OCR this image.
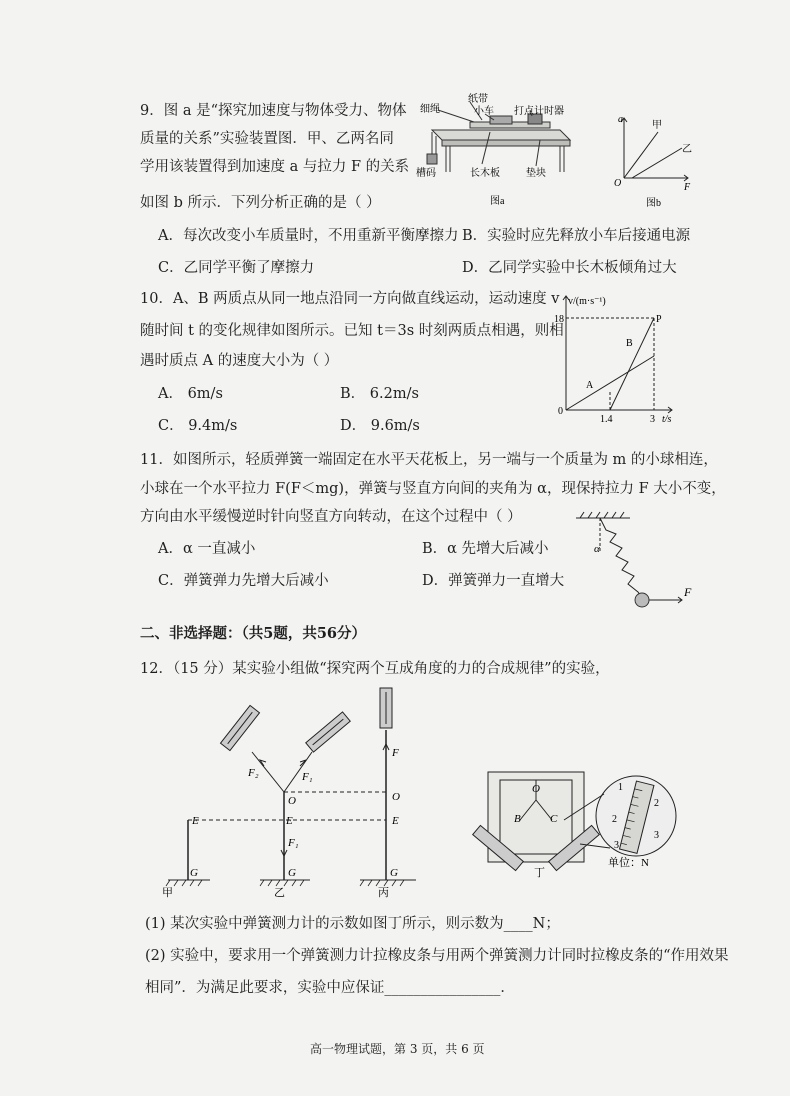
9．图 a 是“探究加速度与物体受力、物体
质量的关系”实验装置图．甲、乙两名同
学用该装置得到加速度 a 与拉力 F 的关系
如图 b 所示．下列分析正确的是（ ）
细绳
纸带
小车 打点计时器
槽码	长木板	垫块
图a
a
F
O
甲
乙
图b
A．每次改变小车质量时，不用重新平衡摩擦力 B．实验时应先释放小车后接通电源
C．乙同学平衡了摩擦力	D．乙同学实验中长木板倾角过大
10．A、B 两质点从同一地点沿同一方向做直线运动，运动速度 v
随时间 t 的变化规律如图所示。已知 t＝3s 时刻两质点相遇，则相
遇时质点 A 的速度大小为（ ）
A． 6m/s	B． 6.2m/s
C． 9.4m/s	D． 9.6m/s
v/(m·s⁻¹)
t/s
0
18
1.4	3
P
B
A
11．如图所示，轻质弹簧一端固定在水平天花板上，另一端与一个质量为 m 的小球相连，
小球在一个水平拉力 F(F＜mg)，弹簧与竖直方向间的夹角为 α，现保持拉力 F 大小不变，
方向由水平缓慢逆时针向竖直方向转动，在这个过程中（ ）
A．α 一直减小	B．α 先增大后减小
C．弹簧弹力先增大后减小	D．弹簧弹力一直增大
α
F
二、非选择题：（共5题，共56分）
12．（15 分）某实验小组做“探究两个互成角度的力的合成规律”的实验，
甲	乙	丙
丁
E	E	E
G	G	G
O	O
F
F₂	F₁
F₁
O
B	C
单位：N
1
2
2
3
3
(1) 某次实验中弹簧测力计的示数如图丁所示，则示数为____N；
(2) 实验中，要求用一个弹簧测力计拉橡皮条与用两个弹簧测力计同时拉橡皮条的“作用效果
相同”．为满足此要求，实验中应保证________________．
高一物理试题，第 3 页，共 6 页
